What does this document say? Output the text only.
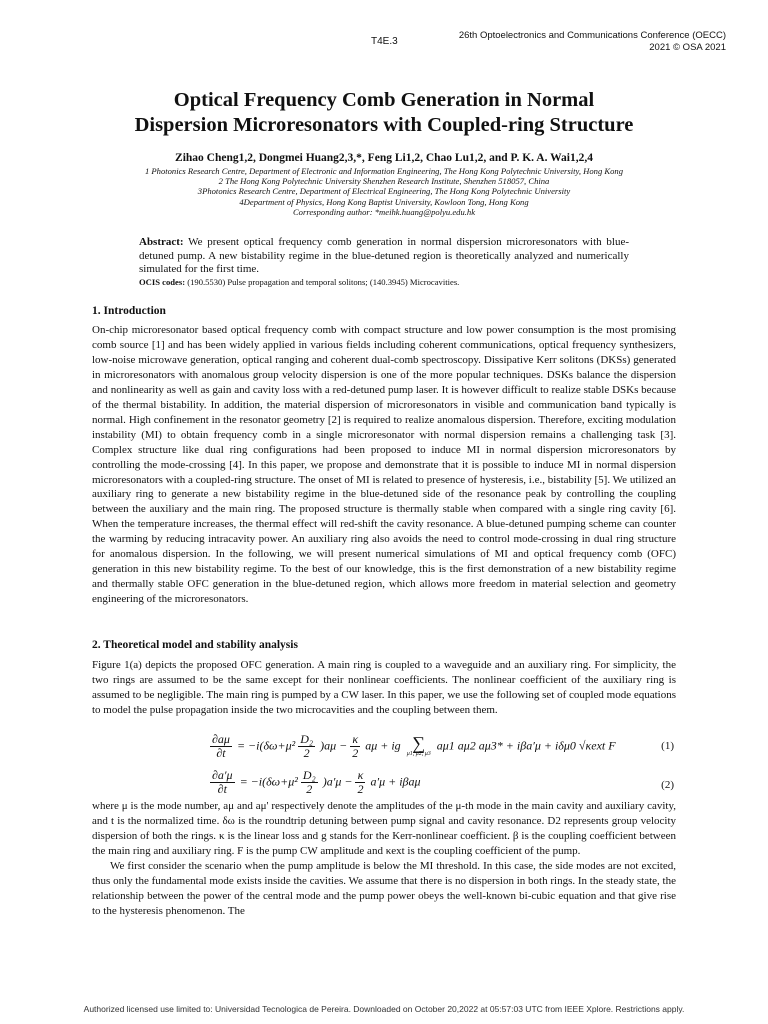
T4E.3
26th Optoelectronics and Communications Conference (OECC)
2021 © OSA 2021
Optical Frequency Comb Generation in Normal
Dispersion Microresonators with Coupled-ring Structure
Zihao Cheng1,2, Dongmei Huang2,3,*, Feng Li1,2, Chao Lu1,2, and P. K. A. Wai1,2,4
1 Photonics Research Centre, Department of Electronic and Information Engineering, The Hong Kong Polytechnic University, Hong Kong
2 The Hong Kong Polytechnic University Shenzhen Research Institute, Shenzhen 518057, China
3Photonics Research Centre, Department of Electrical Engineering, The Hong Kong Polytechnic University
4Department of Physics, Hong Kong Baptist University, Kowloon Tong, Hong Kong
Corresponding author: *meihk.huang@polyu.edu.hk
Abstract: We present optical frequency comb generation in normal dispersion microresonators with blue-detuned pump. A new bistability regime in the blue-detuned region is theoretically analyzed and numerically simulated for the first time.
OCIS codes: (190.5530) Pulse propagation and temporal solitons; (140.3945) Microcavities.
1. Introduction
On-chip microresonator based optical frequency comb with compact structure and low power consumption is the most promising comb source [1] and has been widely applied in various fields including coherent communications, optical frequency synthesizers, low-noise microwave generation, optical ranging and coherent dual-comb spectroscopy. Dissipative Kerr solitons (DKSs) generated in microresonators with anomalous group velocity dispersion is one of the more popular techniques. DSKs balance the dispersion and nonlinearity as well as gain and cavity loss with a red-detuned pump laser. It is however difficult to realize stable DSKs because of the thermal bistability. In addition, the material dispersion of microresonators in visible and communication band typically is normal. High confinement in the resonator geometry [2] is required to realize anomalous dispersion. Therefore, exciting modulation instability (MI) to obtain frequency comb in a single microresonator with normal dispersion remains a challenging task [3]. Complex structure like dual ring configurations had been proposed to induce MI in normal dispersion microresonators by controlling the mode-crossing [4]. In this paper, we propose and demonstrate that it is possible to induce MI in normal dispersion microresonators with a coupled-ring structure. The onset of MI is related to presence of hysteresis, i.e., bistability [5]. We utilized an auxiliary ring to generate a new bistability regime in the blue-detuned side of the resonance peak by controlling the coupling between the auxiliary and the main ring. The proposed structure is thermally stable when compared with a single ring cavity [6]. When the temperature increases, the thermal effect will red-shift the cavity resonance. A blue-detuned pumping scheme can counter the warming by reducing intracavity power. An auxiliary ring also avoids the need to control mode-crossing in dual ring structure for anomalous dispersion. In the following, we will present numerical simulations of MI and optical frequency comb (OFC) generation in this new bistability regime. To the best of our knowledge, this is the first demonstration of a new bistability regime and thermally stable OFC generation in the blue-detuned region, which allows more freedom in material selection and geometry engineering of the microresonators.
2. Theoretical model and stability analysis
Figure 1(a) depicts the proposed OFC generation. A main ring is coupled to a waveguide and an auxiliary ring. For simplicity, the two rings are assumed to be the same except for their nonlinear coefficients. The nonlinear coefficient of the auxiliary ring is assumed to be negligible. The main ring is pumped by a CW laser. In this paper, we use the following set of coupled mode equations to model the pulse propagation inside the two microcavities and the coupling between them.
$\frac{\partial a\mu}{\partial t} = -i(\delta\omega+\mu^2 \frac{\text{D₂}}{2} )a\mu - \frac{\kappa}{2}$ aμ + ig ∑
μ1, μ2, μ3
aμ1 aμ2 aμ3* + iβa′μ + iδμ0 √κext F	(1)
$\frac{\partial a'\mu}{\partial t} = -i(\delta\omega+\mu^2 \frac{\text{D₂}}{2} )a'\mu - \frac{\kappa}{2} a'\mu + i\beta a\mu$	(2)
where μ is the mode number, aμ and aμ' respectively denote the amplitudes of the μ-th mode in the main cavity and auxiliary cavity, and t is the normalized time. δω is the roundtrip detuning between pump signal and cavity resonance. D2 represents group velocity dispersion of both the rings. κ is the linear loss and g stands for the Kerr-nonlinear coefficient. β is the coupling coefficient between the main ring and auxiliary ring. F is the pump CW amplitude and κext is the coupling coefficient of the pump.
We first consider the scenario when the pump amplitude is below the MI threshold. In this case, the side modes are not excited, thus only the fundamental mode exists inside the cavities. We assume that there is no dispersion in both rings. In the steady state, the relationship between the power of the central mode and the pump power obeys the well-known bi-cubic equation and that give rise to the hysteresis phenomenon. The
Authorized licensed use limited to: Universidad Tecnologica de Pereira. Downloaded on October 20,2022 at 05:57:03 UTC from IEEE Xplore. Restrictions apply.
